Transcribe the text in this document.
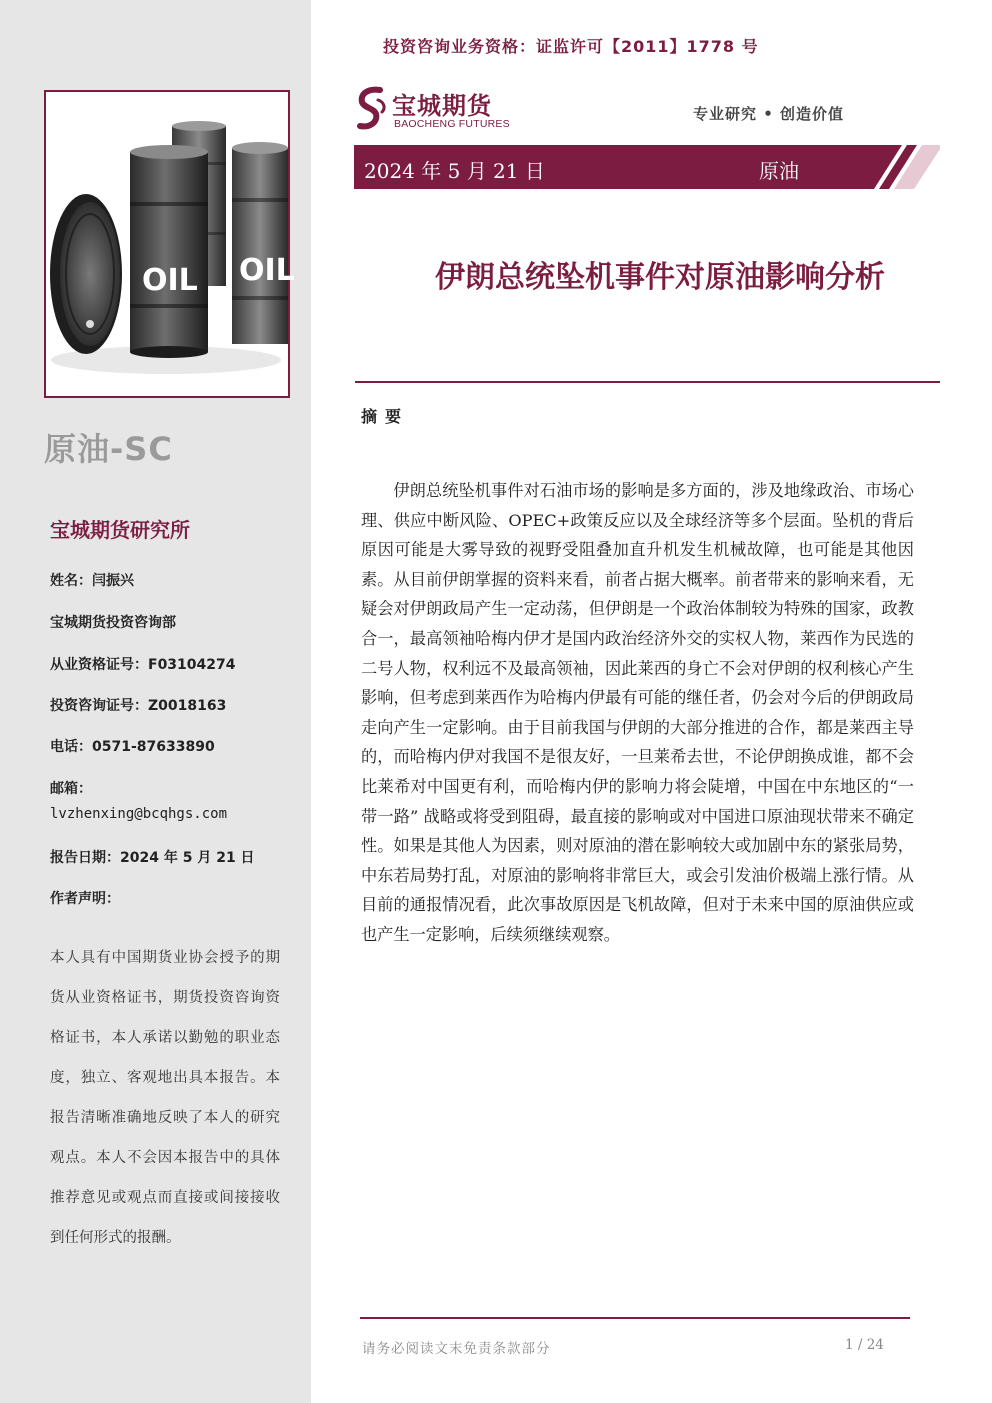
OIL OIL
原油-SC
宝城期货研究所
姓名：闫振兴
宝城期货投资咨询部
从业资格证号：F03104274
投资咨询证号：Z0018163
电话：0571-87633890
邮箱：
lvzhenxing@bcqhgs.com
报告日期：2024 年 5 月 21 日
作者声明：

本人具有中国期货业协会授予的期货从业资格证书，期货投资咨询资格证书，本人承诺以勤勉的职业态度，独立、客观地出具本报告。本报告清晰准确地反映了本人的研究观点。本人不会因本报告中的具体推荐意见或观点而直接或间接接收到任何形式的报酬。

投资咨询业务资格：证监许可【2011】1778 号
宝城期货
BAOCHENG FUTURES
专业研究 • 创造价值
2024 年 5 月 21 日	原油
伊朗总统坠机事件对原油影响分析
摘要

伊朗总统坠机事件对石油市场的影响是多方面的，涉及地缘政治、市场心理、供应中断风险、OPEC+政策反应以及全球经济等多个层面。坠机的背后原因可能是大雾导致的视野受阻叠加直升机发生机械故障，也可能是其他因素。从目前伊朗掌握的资料来看，前者占据大概率。前者带来的影响来看，无疑会对伊朗政局产生一定动荡，但伊朗是一个政治体制较为特殊的国家，政教合一，最高领袖哈梅内伊才是国内政治经济外交的实权人物，莱西作为民选的二号人物，权利远不及最高领袖，因此莱西的身亡不会对伊朗的权利核心产生影响，但考虑到莱西作为哈梅内伊最有可能的继任者，仍会对今后的伊朗政局走向产生一定影响。由于目前我国与伊朗的大部分推进的合作，都是莱西主导的，而哈梅内伊对我国不是很友好，一旦莱希去世，不论伊朗换成谁，都不会比莱希对中国更有利，而哈梅内伊的影响力将会陡增，中国在中东地区的“一带一路” 战略或将受到阻碍，最直接的影响或对中国进口原油现状带来不确定性。如果是其他人为因素，则对原油的潜在影响较大或加剧中东的紧张局势，中东若局势打乱，对原油的影响将非常巨大，或会引发油价极端上涨行情。从目前的通报情况看，此次事故原因是飞机故障，但对于未来中国的原油供应或也产生一定影响，后续须继续观察。

请务必阅读文末免责条款部分	1 / 24
